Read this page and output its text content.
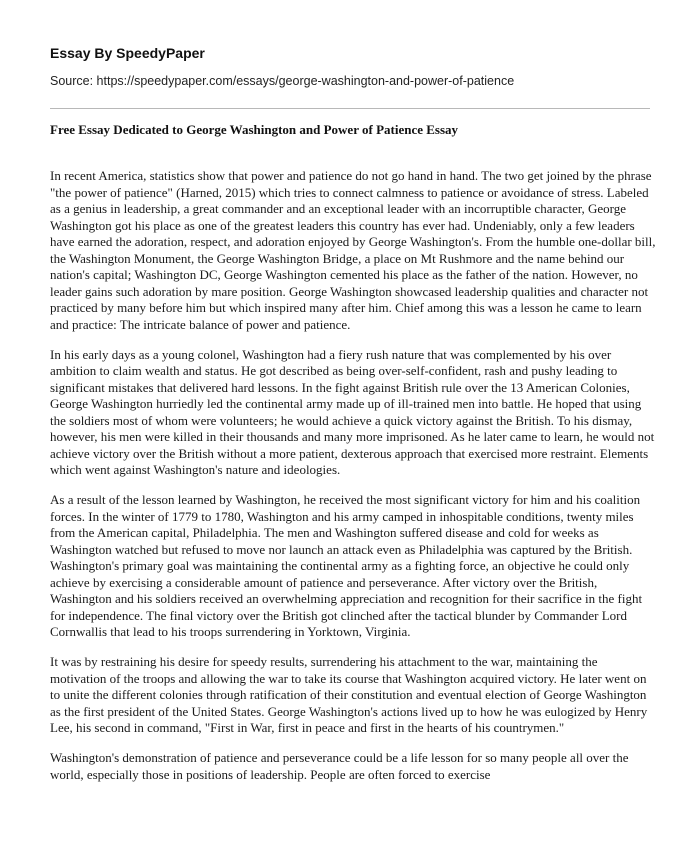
Essay By SpeedyPaper

Source: https://speedypaper.com/essays/george-washington-and-power-of-patience

Free Essay Dedicated to George Washington and Power of Patience Essay

In recent America, statistics show that power and patience do not go hand in hand. The two get joined by the phrase "the power of patience" (Harned, 2015) which tries to connect calmness to patience or avoidance of stress. Labeled as a genius in leadership, a great commander and an exceptional leader with an incorruptible character, George Washington got his place as one of the greatest leaders this country has ever had. Undeniably, only a few leaders have earned the adoration, respect, and adoration enjoyed by George Washington's. From the humble one-dollar bill, the Washington Monument, the George Washington Bridge, a place on Mt Rushmore and the name behind our nation's capital; Washington DC, George Washington cemented his place as the father of the nation. However, no leader gains such adoration by mare position. George Washington showcased leadership qualities and character not practiced by many before him but which inspired many after him. Chief among this was a lesson he came to learn and practice: The intricate balance of power and patience.

In his early days as a young colonel, Washington had a fiery rush nature that was complemented by his over ambition to claim wealth and status. He got described as being over-self-confident, rash and pushy leading to significant mistakes that delivered hard lessons. In the fight against British rule over the 13 American Colonies, George Washington hurriedly led the continental army made up of ill-trained men into battle. He hoped that using the soldiers most of whom were volunteers; he would achieve a quick victory against the British. To his dismay, however, his men were killed in their thousands and many more imprisoned. As he later came to learn, he would not achieve victory over the British without a more patient, dexterous approach that exercised more restraint. Elements which went against Washington's nature and ideologies.

As a result of the lesson learned by Washington, he received the most significant victory for him and his coalition forces. In the winter of 1779 to 1780, Washington and his army camped in inhospitable conditions, twenty miles from the American capital, Philadelphia. The men and Washington suffered disease and cold for weeks as Washington watched but refused to move nor launch an attack even as Philadelphia was captured by the British. Washington's primary goal was maintaining the continental army as a fighting force, an objective he could only achieve by exercising a considerable amount of patience and perseverance. After victory over the British, Washington and his soldiers received an overwhelming appreciation and recognition for their sacrifice in the fight for independence. The final victory over the British got clinched after the tactical blunder by Commander Lord Cornwallis that lead to his troops surrendering in Yorktown, Virginia.

It was by restraining his desire for speedy results, surrendering his attachment to the war, maintaining the motivation of the troops and allowing the war to take its course that Washington acquired victory. He later went on to unite the different colonies through ratification of their constitution and eventual election of George Washington as the first president of the United States. George Washington's actions lived up to how he was eulogized by Henry Lee, his second in command, "First in War, first in peace and first in the hearts of his countrymen."

Washington's demonstration of patience and perseverance could be a life lesson for so many people all over the world, especially those in positions of leadership. People are often forced to exercise
